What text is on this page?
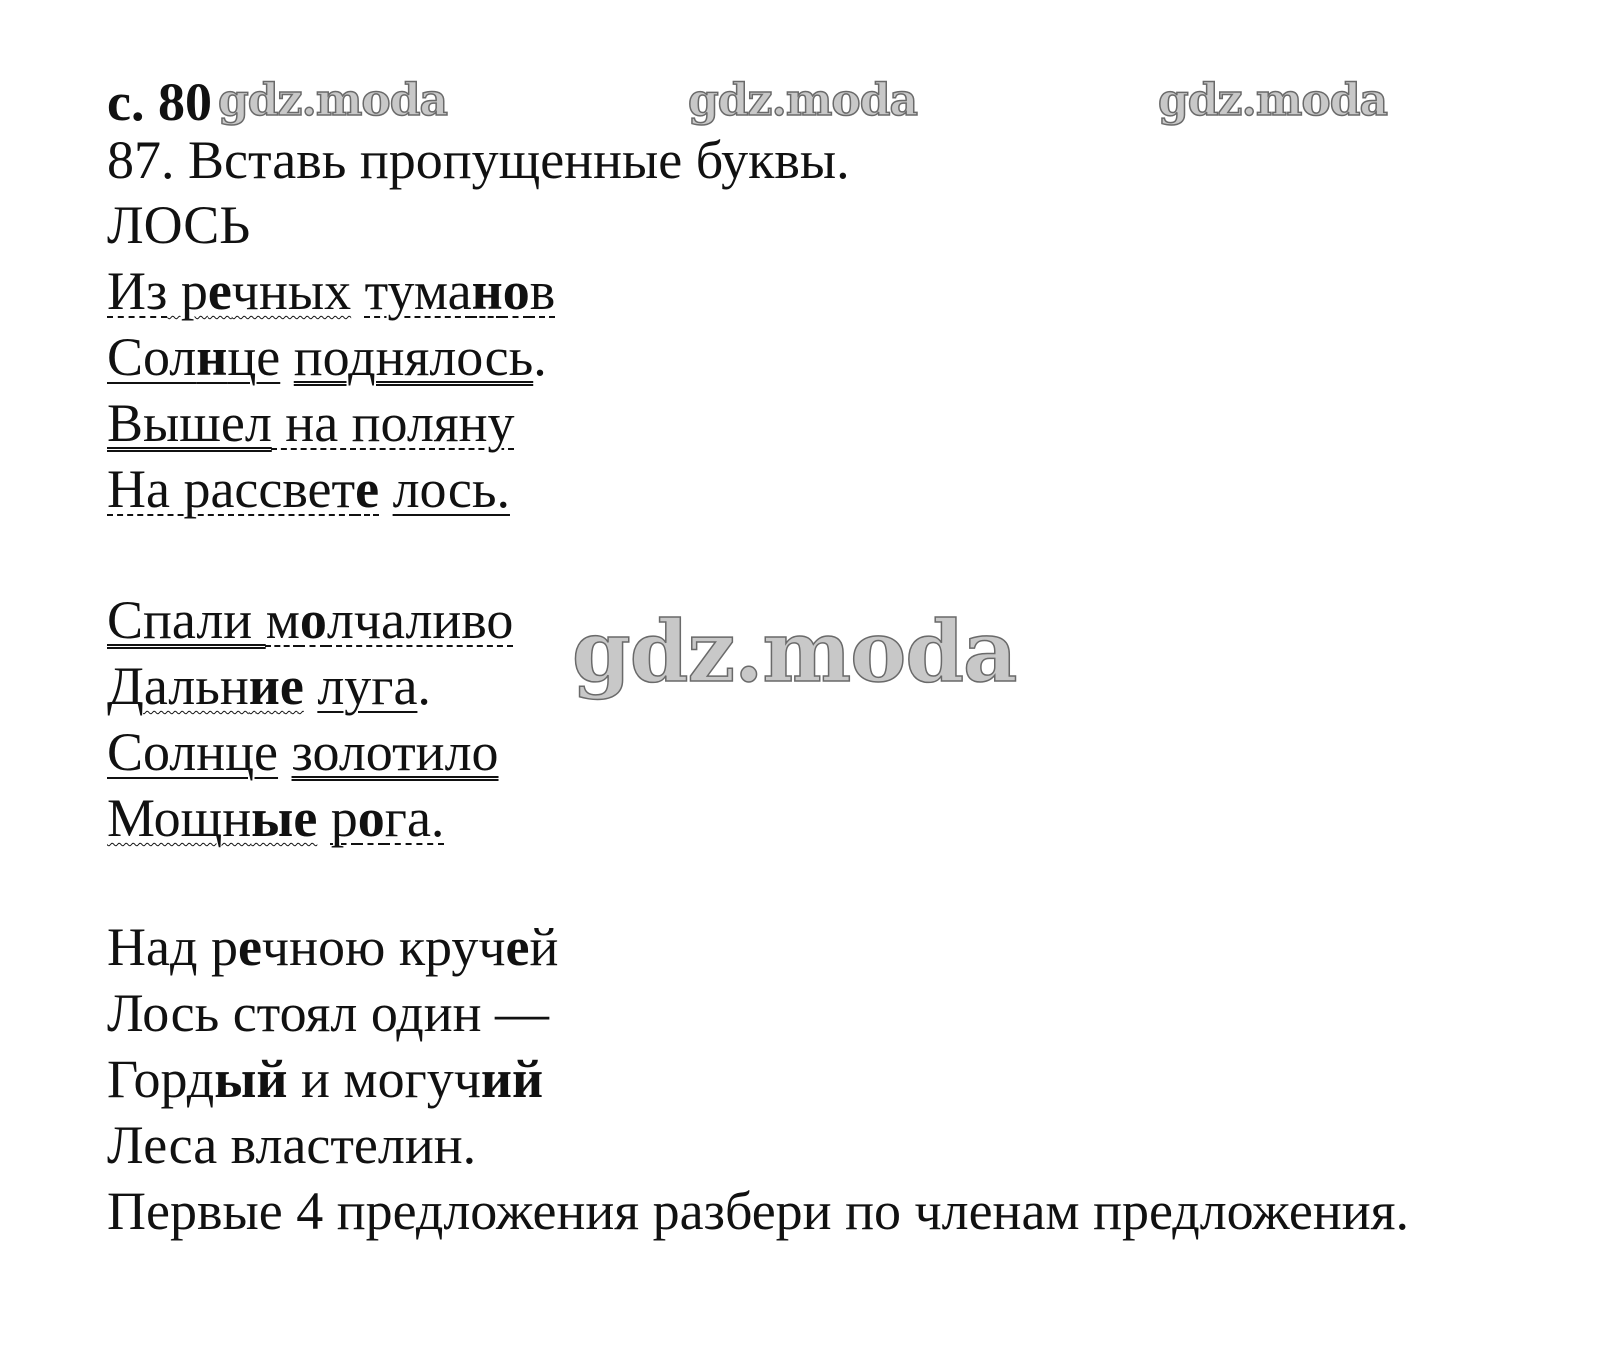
с. 80 gdz.moda	gdz.moda	gdz.moda
87. Вставь пропущенные буквы.
ЛОСЬ
Из речных туманов
Солнце поднялось.
Вышел на поляну
На рассвете лось.
Спали молчаливо
Дальние луга.
Солнце золотило
Мощные рога.
gdz.moda
Над речною кручей
Лось стоял один —
Гордый и могучий
Леса властелин.
Первые 4 предложения разбери по членам предложения.
